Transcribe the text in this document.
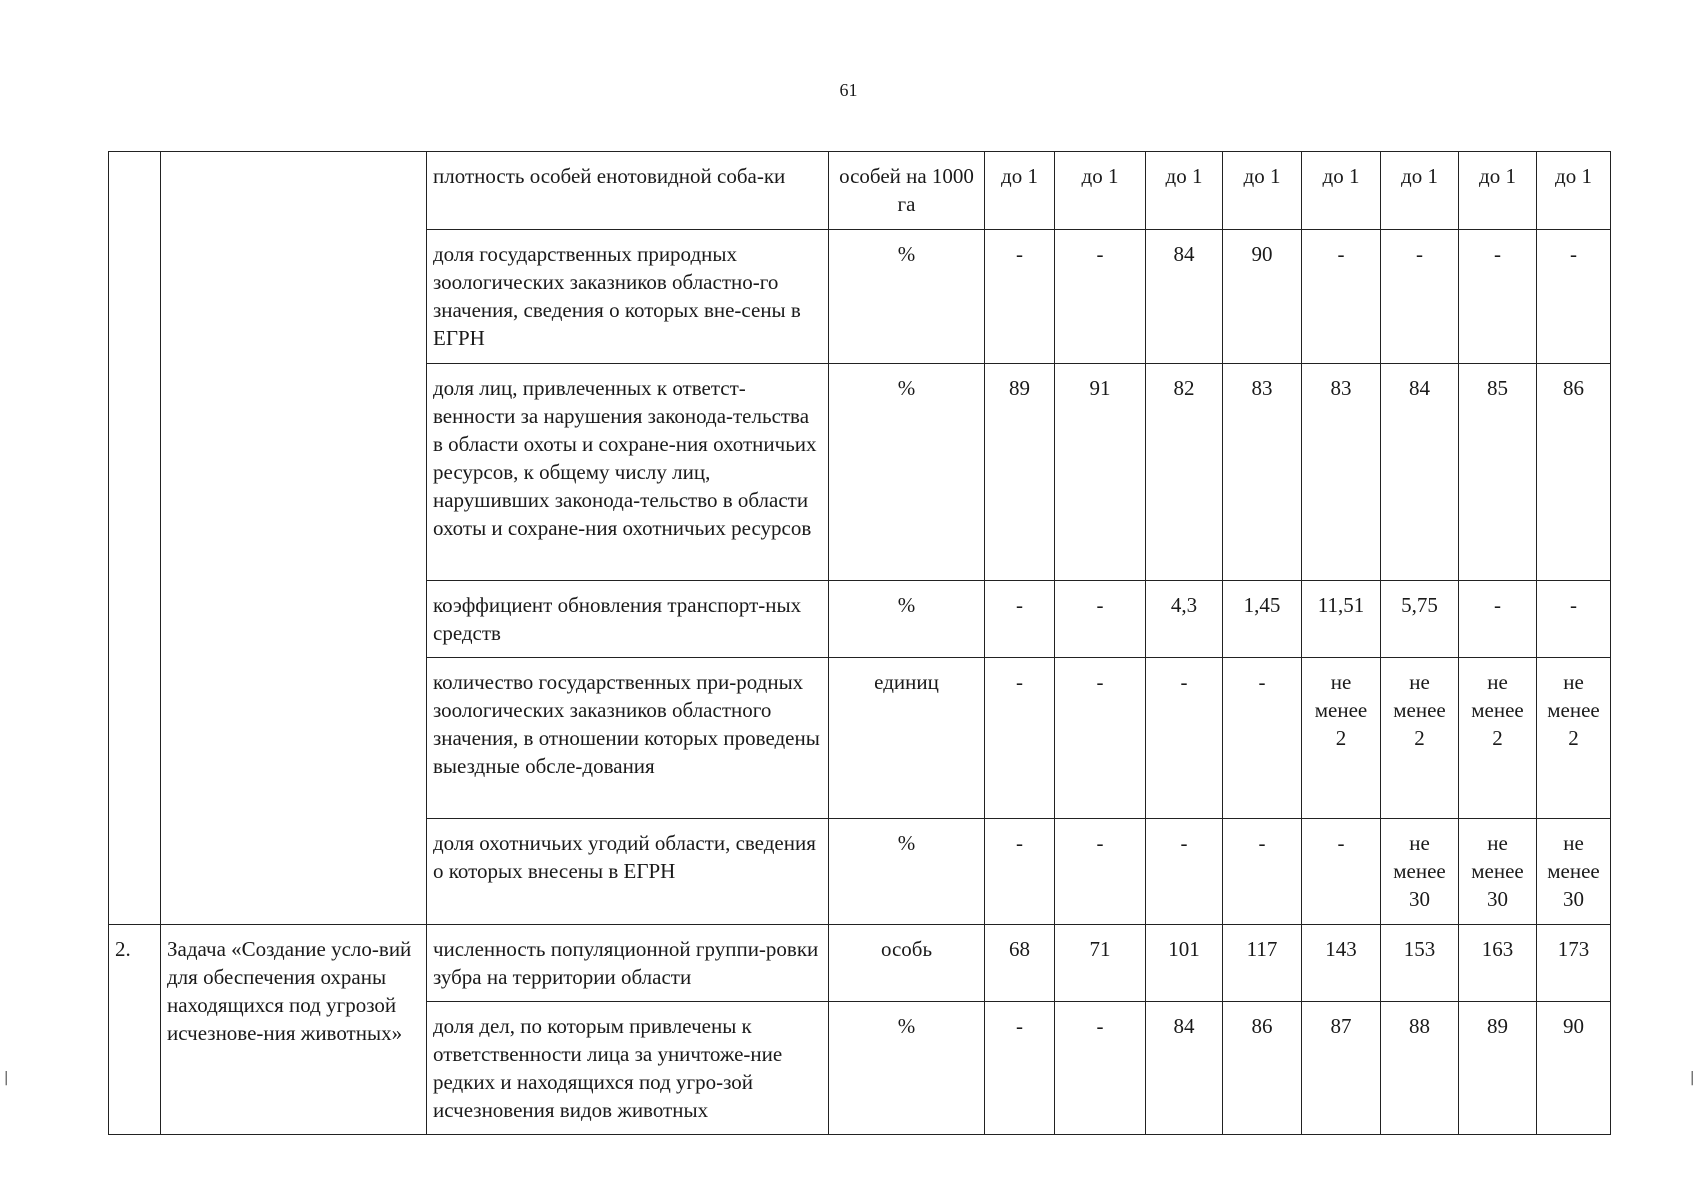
61
		плотность особей енотовидной соба-ки	особей на 1000 га	до 1	до 1	до 1	до 1	до 1	до 1	до 1	до 1
		доля государственных природных зоологических заказников областно-го значения, сведения о которых вне-сены в ЕГРН	%	-	-	84	90	-	-	-	-
		доля лиц, привлеченных к ответст-венности за нарушения законода-тельства в области охоты и сохране-ния охотничьих ресурсов, к общему числу лиц, нарушивших законода-тельство в области охоты и сохране-ния охотничьих ресурсов	%	89	91	82	83	83	84	85	86
		коэффициент обновления транспорт-ных средств	%	-	-	4,3	1,45	11,51	5,75	-	-
		количество государственных при-родных зоологических заказников областного значения, в отношении которых проведены выездные обсле-дования	единиц	-	-	-	-	не менее 2	не менее 2	не менее 2	не менее 2
		доля охотничьих угодий области, сведения о которых внесены в ЕГРН	%	-	-	-	-	-	не менее 30	не менее 30	не менее 30
2.	Задача «Создание усло-вий для обеспечения охраны находящихся под угрозой исчезнове-ния животных»	численность популяционной группи-ровки зубра на территории области	особь	68	71	101	117	143	153	163	173
		доля дел, по которым привлечены к ответственности лица за уничтоже-ние редких и находящихся под угро-зой исчезновения видов животных	%	-	-	84	86	87	88	89	90
|	|
